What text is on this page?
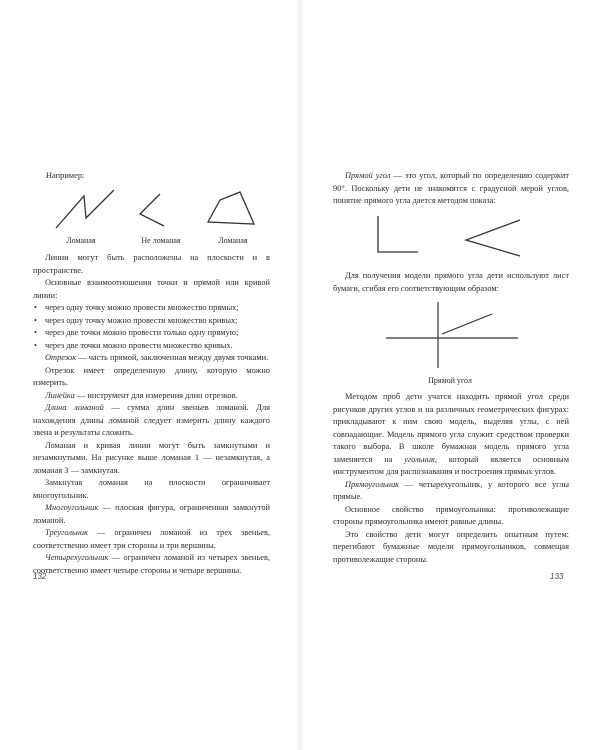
Например:

Ломаная	Не ломаная	Ломаная

Линии могут быть расположены на плоскости и в пространстве.

Основные взаимоотношения точки и прямой или кривой линии:

• через одну точку можно провести множество прямых;
• через одну точку можно провести множество кривых;
• через две точки можно провести только одну прямую;
• через две точки можно провести множество кривых.

Отрезок — часть прямой, заключенная между двумя точками.

Отрезок имеет определенную длину, которую можно измерить.

Линейка — инструмент для измерения длин отрезков.

Длина ломаной — сумма длин звеньев ломаной. Для нахождения длины ломаной следует измерить длину каждого звена и результаты сложить.

Ломаная и кривая линии могут быть замкнутыми и незамкнутыми. На рисунке выше ломаная 1 — незамкнутая, а ломаная 3 — замкнутая.

Замкнутая ломаная на плоскости ограничивает многоугольник.

Многоугольник — плоская фигура, ограниченная замкнутой ломаной.

Треугольник — ограничен ломаной из трех звеньев, соответственно имеет три стороны и три вершины.

Четырехугольник — ограничен ломаной из четырех звеньев, соответственно имеет четыре стороны и четыре вершины.

132

Прямой угол — это угол, который по определению содержит 90°. Поскольку дети не знакомятся с градусной мерой углов, понятие прямого угла дается методом показа:

Для получения модели прямого угла дети используют лист бумаги, сгибая его соответствующим образом:

Прямой угол

Методом проб дети учатся находить прямой угол среди рисунков других углов и на различных геометрических фигурах: прикладывают к ним свою модель, выделяя углы, с ней совпадающие. Модель прямого угла служит средством проверки такого выбора. В школе бумажная модель прямого угла заменяется на угольник, который является основным инструментом для распознавания и построения прямых углов.

Прямоугольник — четырехугольник, у которого все углы прямые.

Основное свойство прямоугольника: противолежащие стороны прямоугольника имеют равные длины.

Это свойство дети могут определить опытным путем: перегибают бумажные модели прямоугольников, совмещая противолежащие стороны.

133
